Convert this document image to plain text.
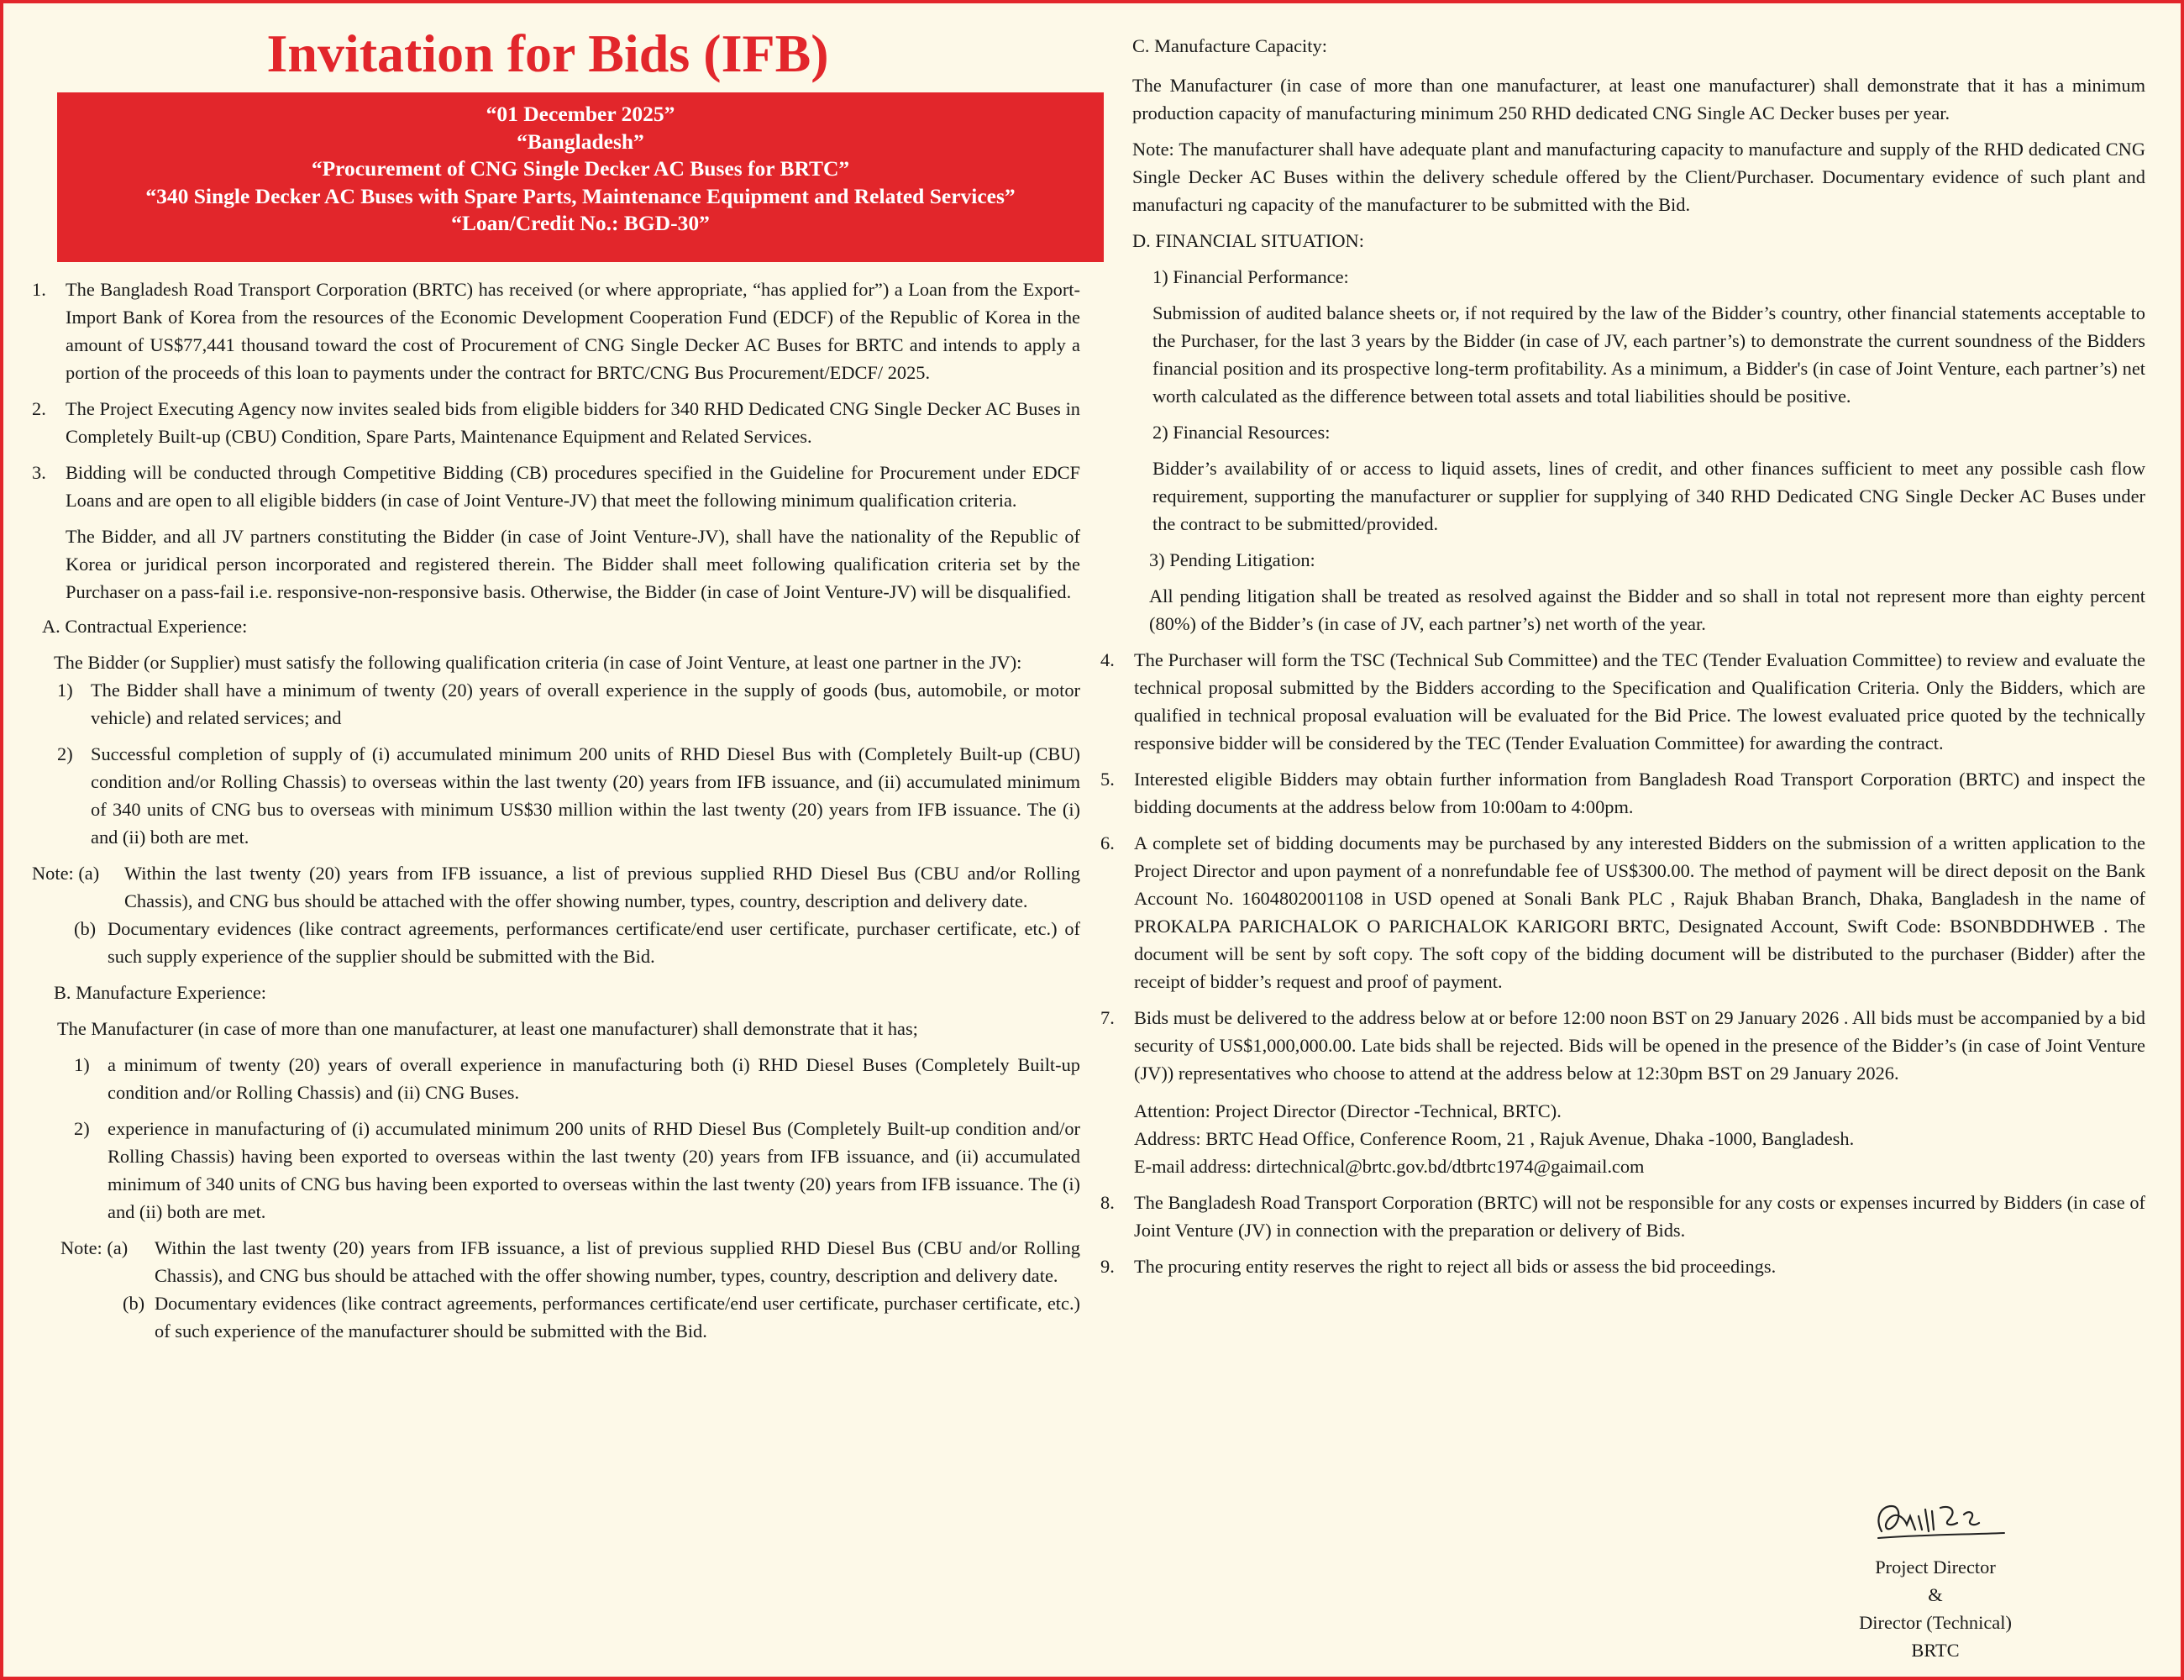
Invitation for Bids (IFB)
“01 December 2025”
“Bangladesh”
“Procurement of CNG Single Decker AC Buses for BRTC”
“340 Single Decker AC Buses with Spare Parts, Maintenance Equipment and Related Services”
“Loan/Credit No.: BGD-30”
1. The Bangladesh Road Transport Corporation (BRTC) has received (or where appropriate, “has applied for”) a Loan from the Export-Import Bank of Korea from the resources of the Economic Development Cooperation Fund (EDCF) of the Republic of Korea in the amount of US$77,441 thousand toward the cost of Procurement of CNG Single Decker AC Buses for BRTC and intends to apply a portion of the proceeds of this loan to payments under the contract for BRTC/CNG Bus Procurement/EDCF/ 2025.

2. The Project Executing Agency now invites sealed bids from eligible bidders for 340 RHD Dedicated CNG Single Decker AC Buses in Completely Built-up (CBU) Condition, Spare Parts, Maintenance Equipment and Related Services.

3. Bidding will be conducted through Competitive Bidding (CB) procedures specified in the Guideline for Procurement under EDCF Loans and are open to all eligible bidders (in case of Joint Venture-JV) that meet the following minimum qualification criteria.

The Bidder, and all JV partners constituting the Bidder (in case of Joint Venture-JV), shall have the nationality of the Republic of Korea or juridical person incorporated and registered therein. The Bidder shall meet following qualification criteria set by the Purchaser on a pass-fail i.e. responsive-non-responsive basis. Otherwise, the Bidder (in case of Joint Venture-JV) will be disqualified.

A. Contractual Experience:

The Bidder (or Supplier) must satisfy the following qualification criteria (in case of Joint Venture, at least one partner in the JV):

1) The Bidder shall have a minimum of twenty (20) years of overall experience in the supply of goods (bus, automobile, or motor vehicle) and related services; and

2) Successful completion of supply of (i) accumulated minimum 200 units of RHD Diesel Bus with (Completely Built-up (CBU) condition and/or Rolling Chassis) to overseas within the last twenty (20) years from IFB issuance, and (ii) accumulated minimum of 340 units of CNG bus to overseas with minimum US$30 million within the last twenty (20) years from IFB issuance. The (i) and (ii) both are met.

Note: (a) Within the last twenty (20) years from IFB issuance, a list of previous supplied RHD Diesel Bus (CBU and/or Rolling Chassis), and CNG bus should be attached with the offer showing number, types, country, description and delivery date.

(b) Documentary evidences (like contract agreements, performances certificate/end user certificate, purchaser certificate, etc.) of such supply experience of the supplier should be submitted with the Bid.

B. Manufacture Experience:

The Manufacturer (in case of more than one manufacturer, at least one manufacturer) shall demonstrate that it has;

1) a minimum of twenty (20) years of overall experience in manufacturing both (i) RHD Diesel Buses (Completely Built-up condition and/or Rolling Chassis) and (ii) CNG Buses.

2) experience in manufacturing of (i) accumulated minimum 200 units of RHD Diesel Bus (Completely Built-up condition and/or Rolling Chassis) having been exported to overseas within the last twenty (20) years from IFB issuance, and (ii) accumulated minimum of 340 units of CNG bus having been exported to overseas within the last twenty (20) years from IFB issuance. The (i) and (ii) both are met.

Note: (a) Within the last twenty (20) years from IFB issuance, a list of previous supplied RHD Diesel Bus (CBU and/or Rolling Chassis), and CNG bus should be attached with the offer showing number, types, country, description and delivery date.

(b) Documentary evidences (like contract agreements, performances certificate/end user certificate, purchaser certificate, etc.) of such experience of the manufacturer should be submitted with the Bid.

C. Manufacture Capacity:

The Manufacturer (in case of more than one manufacturer, at least one manufacturer) shall demonstrate that it has a minimum production capacity of manufacturing minimum 250 RHD dedicated CNG Single AC Decker buses per year.

Note: The manufacturer shall have adequate plant and manufacturing capacity to manufacture and supply of the RHD dedicated CNG Single Decker AC Buses within the delivery schedule offered by the Client/Purchaser. Documentary evidence of such plant and manufacturi ng capacity of the manufacturer to be submitted with the Bid.

D. FINANCIAL SITUATION:

1) Financial Performance:

Submission of audited balance sheets or, if not required by the law of the Bidder’s country, other financial statements acceptable to the Purchaser, for the last 3 years by the Bidder (in case of JV, each partner’s) to demonstrate the current soundness of the Bidders financial position and its prospective long-term profitability. As a minimum, a Bidder's (in case of Joint Venture, each partner’s) net worth calculated as the difference between total assets and total liabilities should be positive.

2) Financial Resources:

Bidder’s availability of or access to liquid assets, lines of credit, and other finances sufficient to meet any possible cash flow requirement, supporting the manufacturer or supplier for supplying of 340 RHD Dedicated CNG Single Decker AC Buses under the contract to be submitted/provided.

3) Pending Litigation:

All pending litigation shall be treated as resolved against the Bidder and so shall in total not represent more than eighty percent (80%) of the Bidder’s (in case of JV, each partner’s) net worth of the year.

4. The Purchaser will form the TSC (Technical Sub Committee) and the TEC (Tender Evaluation Committee) to review and evaluate the technical proposal submitted by the Bidders according to the Specification and Qualification Criteria. Only the Bidders, which are qualified in technical proposal evaluation will be evaluated for the Bid Price. The lowest evaluated price quoted by the technically responsive bidder will be considered by the TEC (Tender Evaluation Committee) for awarding the contract.

5. Interested eligible Bidders may obtain further information from Bangladesh Road Transport Corporation (BRTC) and inspect the bidding documents at the address below from 10:00am to 4:00pm.

6. A complete set of bidding documents may be purchased by any interested Bidders on the submission of a written application to the Project Director and upon payment of a nonrefundable fee of US$300.00. The method of payment will be direct deposit on the Bank Account No. 1604802001108 in USD opened at Sonali Bank PLC , Rajuk Bhaban Branch, Dhaka, Bangladesh in the name of PROKALPA PARICHALOK O PARICHALOK KARIGORI BRTC, Designated Account, Swift Code: BSONBDDHWEB . The document will be sent by soft copy. The soft copy of the bidding document will be distributed to the purchaser (Bidder) after the receipt of bidder’s request and proof of payment.

7. Bids must be delivered to the address below at or before 12:00 noon BST on 29 January 2026 . All bids must be accompanied by a bid security of US$1,000,000.00. Late bids shall be rejected. Bids will be opened in the presence of the Bidder’s (in case of Joint Venture (JV)) representatives who choose to attend at the address below at 12:30pm BST on 29 January 2026.

Attention: Project Director (Director -Technical, BRTC).

Address: BRTC Head Office, Conference Room, 21 , Rajuk Avenue, Dhaka -1000, Bangladesh.

E-mail address: dirtechnical@brtc.gov.bd/dtbrtc1974@gaimail.com

8. The Bangladesh Road Transport Corporation (BRTC) will not be responsible for any costs or expenses incurred by Bidders (in case of Joint Venture (JV) in connection with the preparation or delivery of Bids.

9. The procuring entity reserves the right to reject all bids or assess the bid proceedings.

Project Director
&
Director (Technical)
BRTC
